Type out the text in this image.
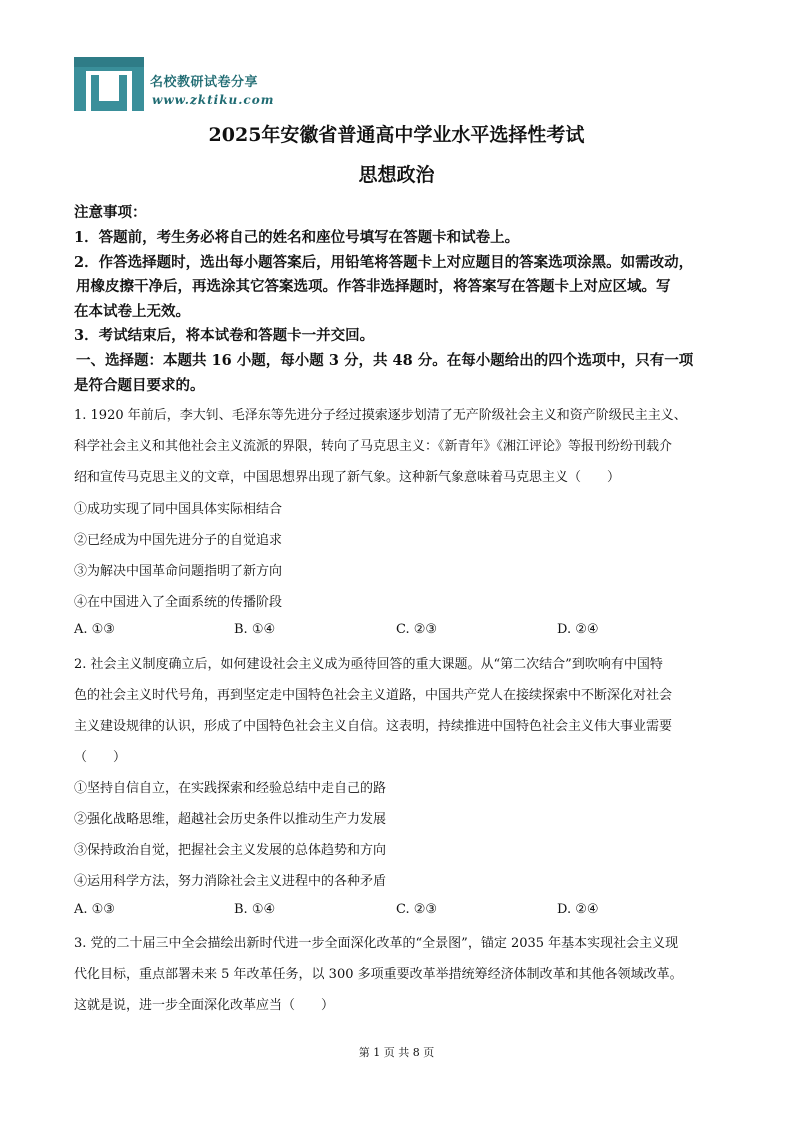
名校教研试卷分享
www.zktiku.com
2025年安徽省普通高中学业水平选择性考试
思想政治
注意事项：
1．答题前，考生务必将自己的姓名和座位号填写在答题卡和试卷上。
2．作答选择题时，选出每小题答案后，用铅笔将答题卡上对应题目的答案选项涂黑。如需改动，
用橡皮擦干净后，再选涂其它答案选项。作答非选择题时，将答案写在答题卡上对应区域。写
在本试卷上无效。
3．考试结束后，将本试卷和答题卡一并交回。
一、选择题：本题共 16 小题，每小题 3 分，共 48 分。在每小题给出的四个选项中，只有一项
是符合题目要求的。
1. 1920 年前后，李大钊、毛泽东等先进分子经过摸索逐步划清了无产阶级社会主义和资产阶级民主主义、
科学社会主义和其他社会主义流派的界限，转向了马克思主义：《新青年》《湘江评论》等报刊纷纷刊载介
绍和宣传马克思主义的文章，中国思想界出现了新气象。这种新气象意味着马克思主义（　　）
①成功实现了同中国具体实际相结合
②已经成为中国先进分子的自觉追求
③为解决中国革命问题指明了新方向
④在中国进入了全面系统的传播阶段
A. ①③	B. ①④	C. ②③	D. ②④
2. 社会主义制度确立后，如何建设社会主义成为亟待回答的重大课题。从“第二次结合”到吹响有中国特
色的社会主义时代号角，再到坚定走中国特色社会主义道路，中国共产党人在接续探索中不断深化对社会
主义建设规律的认识，形成了中国特色社会主义自信。这表明，持续推进中国特色社会主义伟大事业需要
（　　）
①坚持自信自立，在实践探索和经验总结中走自己的路
②强化战略思维，超越社会历史条件以推动生产力发展
③保持政治自觉，把握社会主义发展的总体趋势和方向
④运用科学方法，努力消除社会主义进程中的各种矛盾
A. ①③	B. ①④	C. ②③	D. ②④
3. 党的二十届三中全会描绘出新时代进一步全面深化改革的“全景图”，锚定 2035 年基本实现社会主义现
代化目标，重点部署未来 5 年改革任务，以 300 多项重要改革举措统筹经济体制改革和其他各领域改革。
这就是说，进一步全面深化改革应当（　　）
第 1 页 共 8 页
